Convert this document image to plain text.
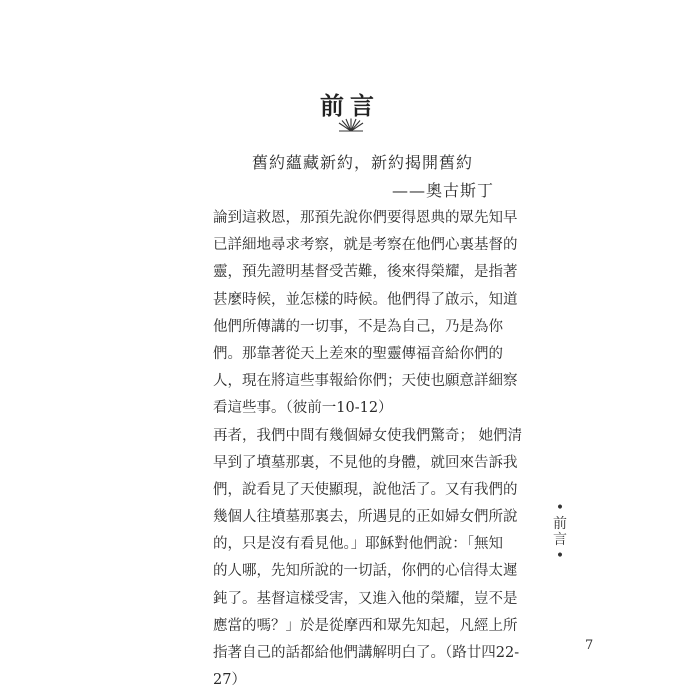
前言
舊約蘊藏新約，新約揭開舊約
——奧古斯丁

論到這救恩，那預先說你們要得恩典的眾先知早
已詳細地尋求考察，就是考察在他們心裏基督的
靈，預先證明基督受苦難，後來得榮耀，是指著
甚麼時候，並怎樣的時候。他們得了啟示，知道
他們所傳講的一切事，不是為自己，乃是為你
們。那靠著從天上差來的聖靈傳福音給你們的
人，現在將這些事報給你們；天使也願意詳細察
看這些事。（彼前一10-12）

再者，我們中間有幾個婦女使我們驚奇； 她們清
早到了墳墓那裏，不見他的身體，就回來告訴我
們，說看見了天使顯現，說他活了。又有我們的
幾個人往墳墓那裏去，所遇見的正如婦女們所說
的，只是沒有看見他。」耶穌對他們說：「無知
的人哪，先知所說的一切話，你們的心信得太遲
鈍了。基督這樣受害，又進入他的榮耀，豈不是
應當的嗎？」於是從摩西和眾先知起，凡經上所
指著自己的話都給他們講解明白了。（路廿四22-
27）

•
前
言
•
7
